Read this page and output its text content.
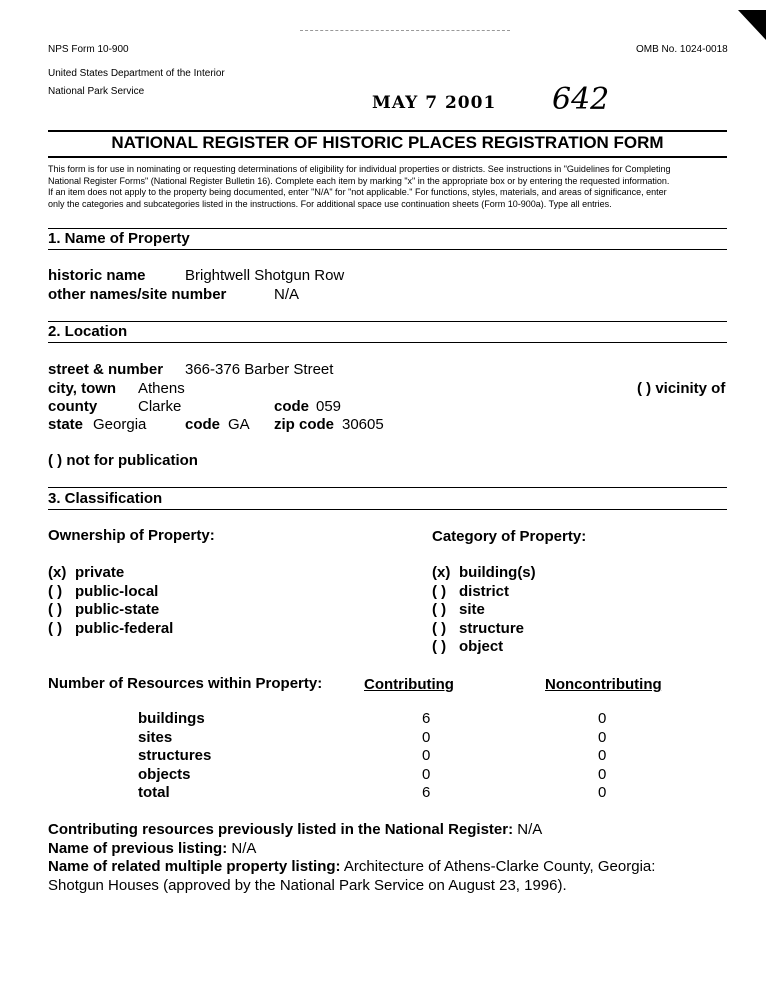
NPS Form 10-900	OMB No. 1024-0018
United States Department of the Interior
National Park Service
MAY 7 2001 642
NATIONAL REGISTER OF HISTORIC PLACES REGISTRATION FORM
This form is for use in nominating or requesting determinations of eligibility for individual properties or districts. See instructions in "Guidelines for Completing
National Register Forms" (National Register Bulletin 16). Complete each item by marking "x" in the appropriate box or by entering the requested information.
If an item does not apply to the property being documented, enter "N/A" for "not applicable." For functions, styles, materials, and areas of significance, enter
only the categories and subcategories listed in the instructions. For additional space use continuation sheets (Form 10-900a). Type all entries.
1. Name of Property
historic name	Brightwell Shotgun Row
other names/site number	N/A
2. Location
street & number 366-376 Barber Street
city, town Athens	( ) vicinity of
county	Clarke	code 059
state Georgia	code GA zip code 30605
( ) not for publication
3. Classification
Ownership of Property:	Category of Property:
(x) private
( ) public-local
( ) public-state
( ) public-federal
(x) building(s)
( ) district
( ) site
( ) structure
( ) object
Number of Resources within Property:	Contributing	Noncontributing
buildings	6	0
sites	0	0
structures	0	0
objects	0	0
total	6	0
Contributing resources previously listed in the National Register: N/A
Name of previous listing: N/A
Name of related multiple property listing: Architecture of Athens-Clarke County, Georgia:
Shotgun Houses (approved by the National Park Service on August 23, 1996).
